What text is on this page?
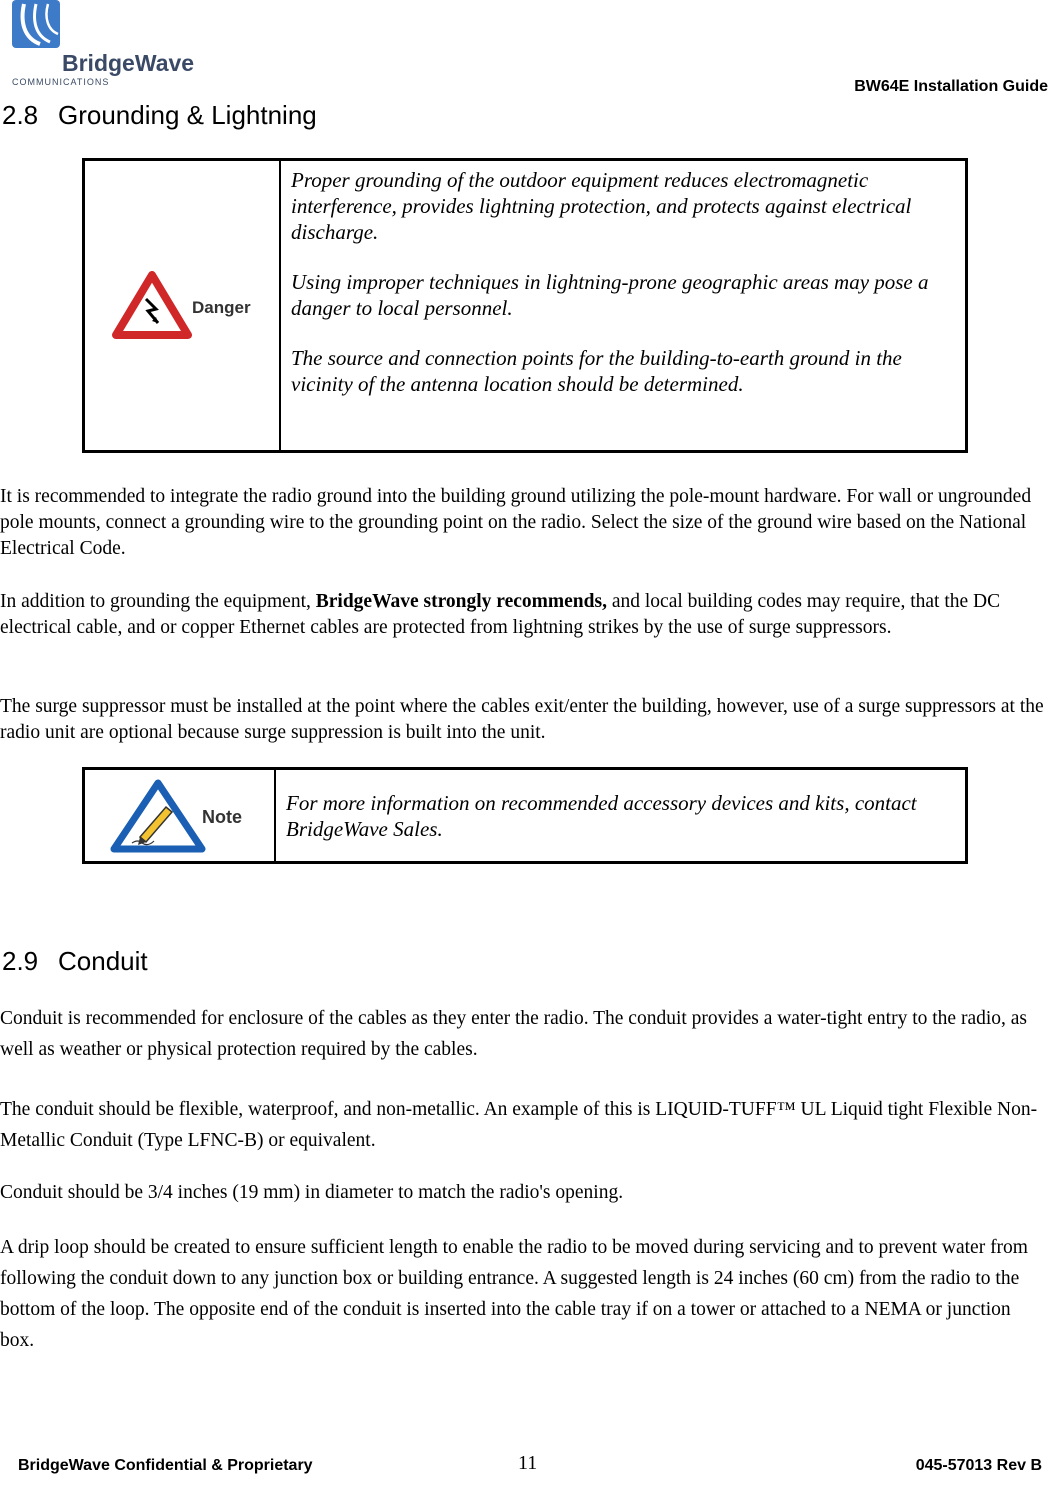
BridgeWave
COMMUNICATIONS	BW64E Installation Guide
2.8 Grounding & Lightning
Danger

Proper grounding of the outdoor equipment reduces electromagnetic interference, provides lightning protection, and protects against electrical discharge.

Using improper techniques in lightning-prone geographic areas may pose a danger to local personnel.

The source and connection points for the building-to-earth ground in the vicinity of the antenna location should be determined.

It is recommended to integrate the radio ground into the building ground utilizing the pole-mount hardware. For wall or ungrounded pole mounts, connect a grounding wire to the grounding point on the radio. Select the size of the ground wire based on the National Electrical Code.

In addition to grounding the equipment, BridgeWave strongly recommends, and local building codes may require, that the DC electrical cable, and or copper Ethernet cables are protected from lightning strikes by the use of surge suppressors.

The surge suppressor must be installed at the point where the cables exit/enter the building, however, use of a surge suppressors at the radio unit are optional because surge suppression is built into the unit.

Note

For more information on recommended accessory devices and kits, contact BridgeWave Sales.

2.9 Conduit

Conduit is recommended for enclosure of the cables as they enter the radio. The conduit provides a water-tight entry to the radio, as well as weather or physical protection required by the cables.

The conduit should be flexible, waterproof, and non-metallic. An example of this is LIQUID-TUFF™ UL Liquid tight Flexible Non-Metallic Conduit (Type LFNC-B) or equivalent.

Conduit should be 3/4 inches (19 mm) in diameter to match the radio's opening.

A drip loop should be created to ensure sufficient length to enable the radio to be moved during servicing and to prevent water from following the conduit down to any junction box or building entrance. A suggested length is 24 inches (60 cm) from the radio to the bottom of the loop. The opposite end of the conduit is inserted into the cable tray if on a tower or attached to a NEMA or junction box.

BridgeWave Confidential & Proprietary	11	045-57013 Rev B
